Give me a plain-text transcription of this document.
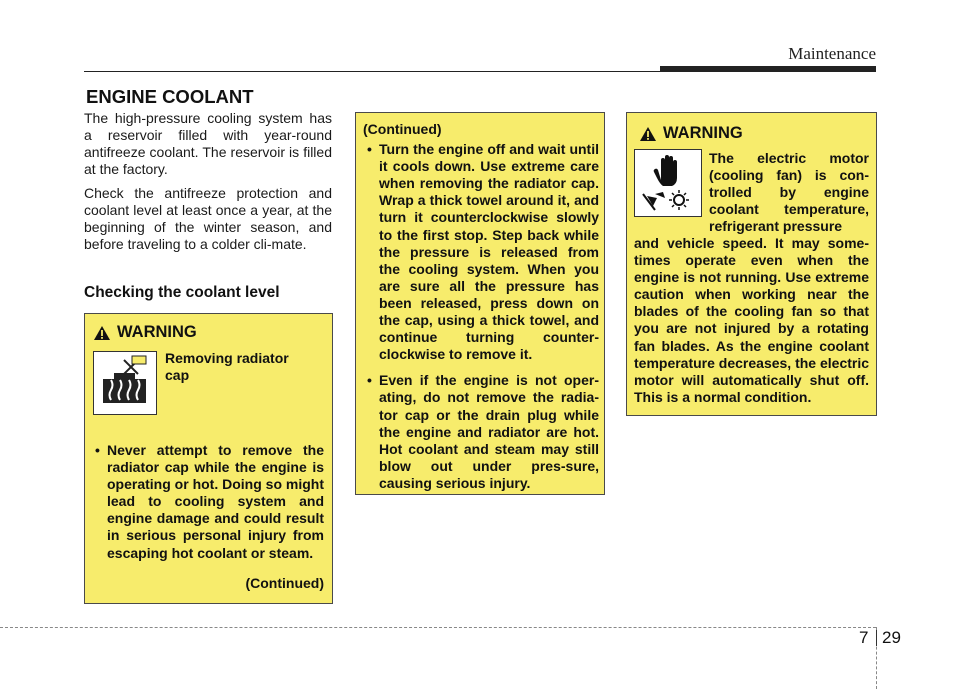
Maintenance
ENGINE COOLANT

The high-pressure cooling system has a reservoir filled with year-round antifreeze coolant. The reservoir is filled at the factory.

Check the antifreeze protection and coolant level at least once a year, at the beginning of the winter season, and before traveling to a colder cli-mate.

Checking the coolant level
WARNING
Removing radiator cap
• Never attempt to remove the radiator cap while the engine is operating or hot. Doing so might lead to cooling system and engine damage and could result in serious personal injury from escaping hot coolant or steam.
(Continued)
(Continued)
• Turn the engine off and wait until it cools down. Use extreme care when removing the radiator cap. Wrap a thick towel around it, and turn it counterclockwise slowly to the first stop. Step back while the pressure is released from the cooling system. When you are sure all the pressure has been released, press down on the cap, using a thick towel, and continue turning counter-clockwise to remove it.
• Even if the engine is not oper-ating, do not remove the radia-tor cap or the drain plug while the engine and radiator are hot. Hot coolant and steam may still blow out under pres-sure, causing serious injury.
WARNING
The electric motor (cooling fan) is con-trolled by engine coolant temperature, refrigerant pressure
and vehicle speed. It may some-times operate even when the engine is not running. Use extreme caution when working near the blades of the cooling fan so that you are not injured by a rotating fan blades. As the engine coolant temperature decreases, the electric motor will automatically shut off. This is a normal condition.
7 29
